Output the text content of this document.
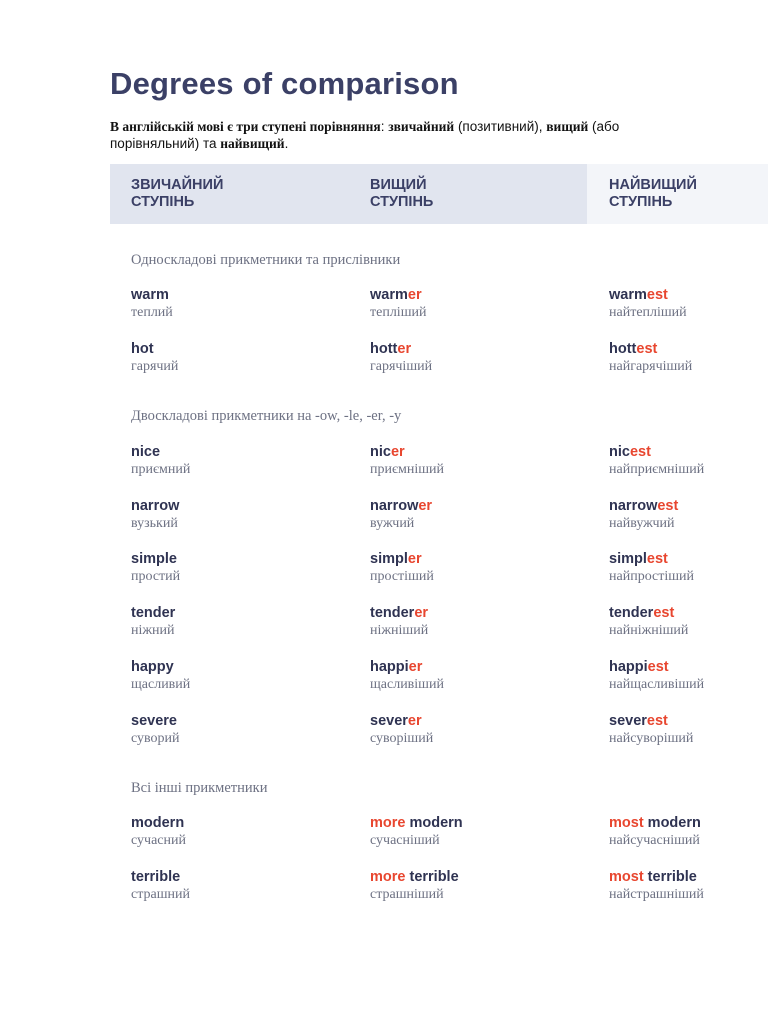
Degrees of comparison
В англійській мові є три ступені порівняння: звичайний (позитивний), вищий (або порівняльний) та найвищий.
ЗВИЧАЙНИЙ
СТУПІНЬ
ВИЩИЙ
СТУПІНЬ
НАЙВИЩИЙ
СТУПІНЬ
Односкладові прикметники та прислівники
warm
теплий
warmer
тепліший
warmest
найтепліший
hot
гарячий
hotter
гарячіший
hottest
найгарячіший
Двоскладові прикметники на -ow, -le, -er, -y
nice
приємний
nicer
приємніший
nicest
найприємніший
narrow
вузький
narrower
вужчий
narrowest
найвужчий
simple
простий
simpler
простіший
simplest
найпростіший
tender
ніжний
tenderer
ніжніший
tenderest
найніжніший
happy
щасливий
happier
щасливіший
happiest
найщасливіший
severe
суворий
severer
суворіший
severest
найсуворіший
Всі інші прикметники
modern
сучасний
more modern
сучасніший
most modern
найсучасніший
terrible
страшний
more terrible
страшніший
most terrible
найстрашніший
